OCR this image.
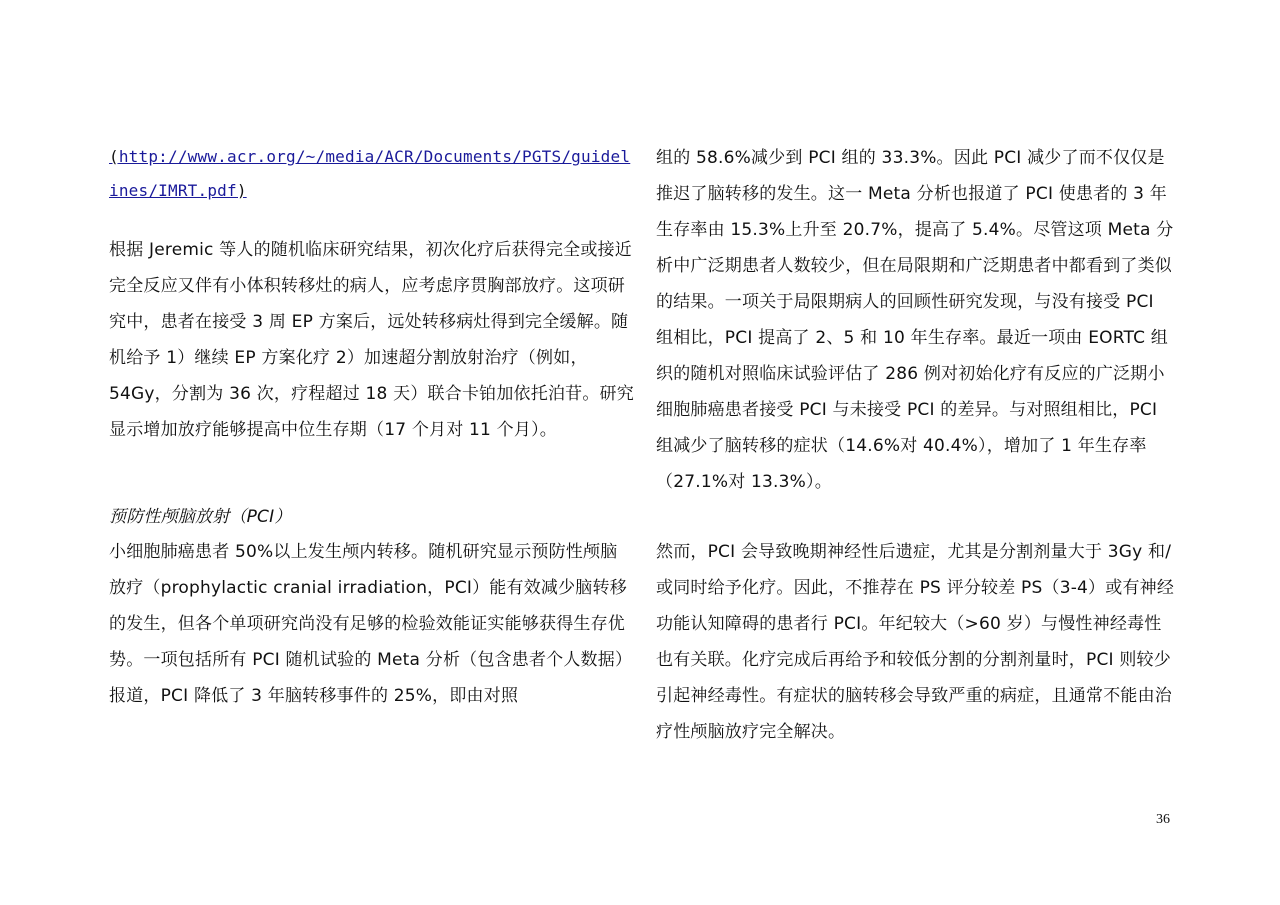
(http://www.acr.org/~/media/ACR/Documents/PGTS/guidelines/IMRT.pdf)

根据 Jeremic 等人的随机临床研究结果，初次化疗后获得完全或接近完全反应又伴有小体积转移灶的病人，应考虑序贯胸部放疗。这项研究中，患者在接受 3 周 EP 方案后，远处转移病灶得到完全缓解。随机给予 1）继续 EP 方案化疗 2）加速超分割放射治疗（例如，54Gy，分割为 36 次，疗程超过 18 天）联合卡铂加依托泊苷。研究显示增加放疗能够提高中位生存期（17 个月对 11 个月）。

预防性颅脑放射（PCI）

小细胞肺癌患者 50%以上发生颅内转移。随机研究显示预防性颅脑放疗（prophylactic cranial irradiation，PCI）能有效减少脑转移的发生，但各个单项研究尚没有足够的检验效能证实能够获得生存优势。一项包括所有 PCI 随机试验的 Meta 分析（包含患者个人数据）报道，PCI 降低了 3 年脑转移事件的 25%，即由对照

组的 58.6%减少到 PCI 组的 33.3%。因此 PCI 减少了而不仅仅是推迟了脑转移的发生。这一 Meta 分析也报道了 PCI 使患者的 3 年生存率由 15.3%上升至 20.7%，提高了 5.4%。尽管这项 Meta 分析中广泛期患者人数较少，但在局限期和广泛期患者中都看到了类似的结果。一项关于局限期病人的回顾性研究发现，与没有接受 PCI 组相比，PCI 提高了 2、5 和 10 年生存率。最近一项由 EORTC 组织的随机对照临床试验评估了 286 例对初始化疗有反应的广泛期小细胞肺癌患者接受 PCI 与未接受 PCI 的差异。与对照组相比，PCI 组减少了脑转移的症状（14.6%对 40.4%），增加了 1 年生存率（27.1%对 13.3%）。

然而，PCI 会导致晚期神经性后遗症，尤其是分割剂量大于 3Gy 和/或同时给予化疗。因此，不推荐在 PS 评分较差 PS（3-4）或有神经功能认知障碍的患者行 PCI。年纪较大（>60 岁）与慢性神经毒性也有关联。化疗完成后再给予和较低分割的分割剂量时，PCI 则较少引起神经毒性。有症状的脑转移会导致严重的病症，且通常不能由治疗性颅脑放疗完全解决。

36
